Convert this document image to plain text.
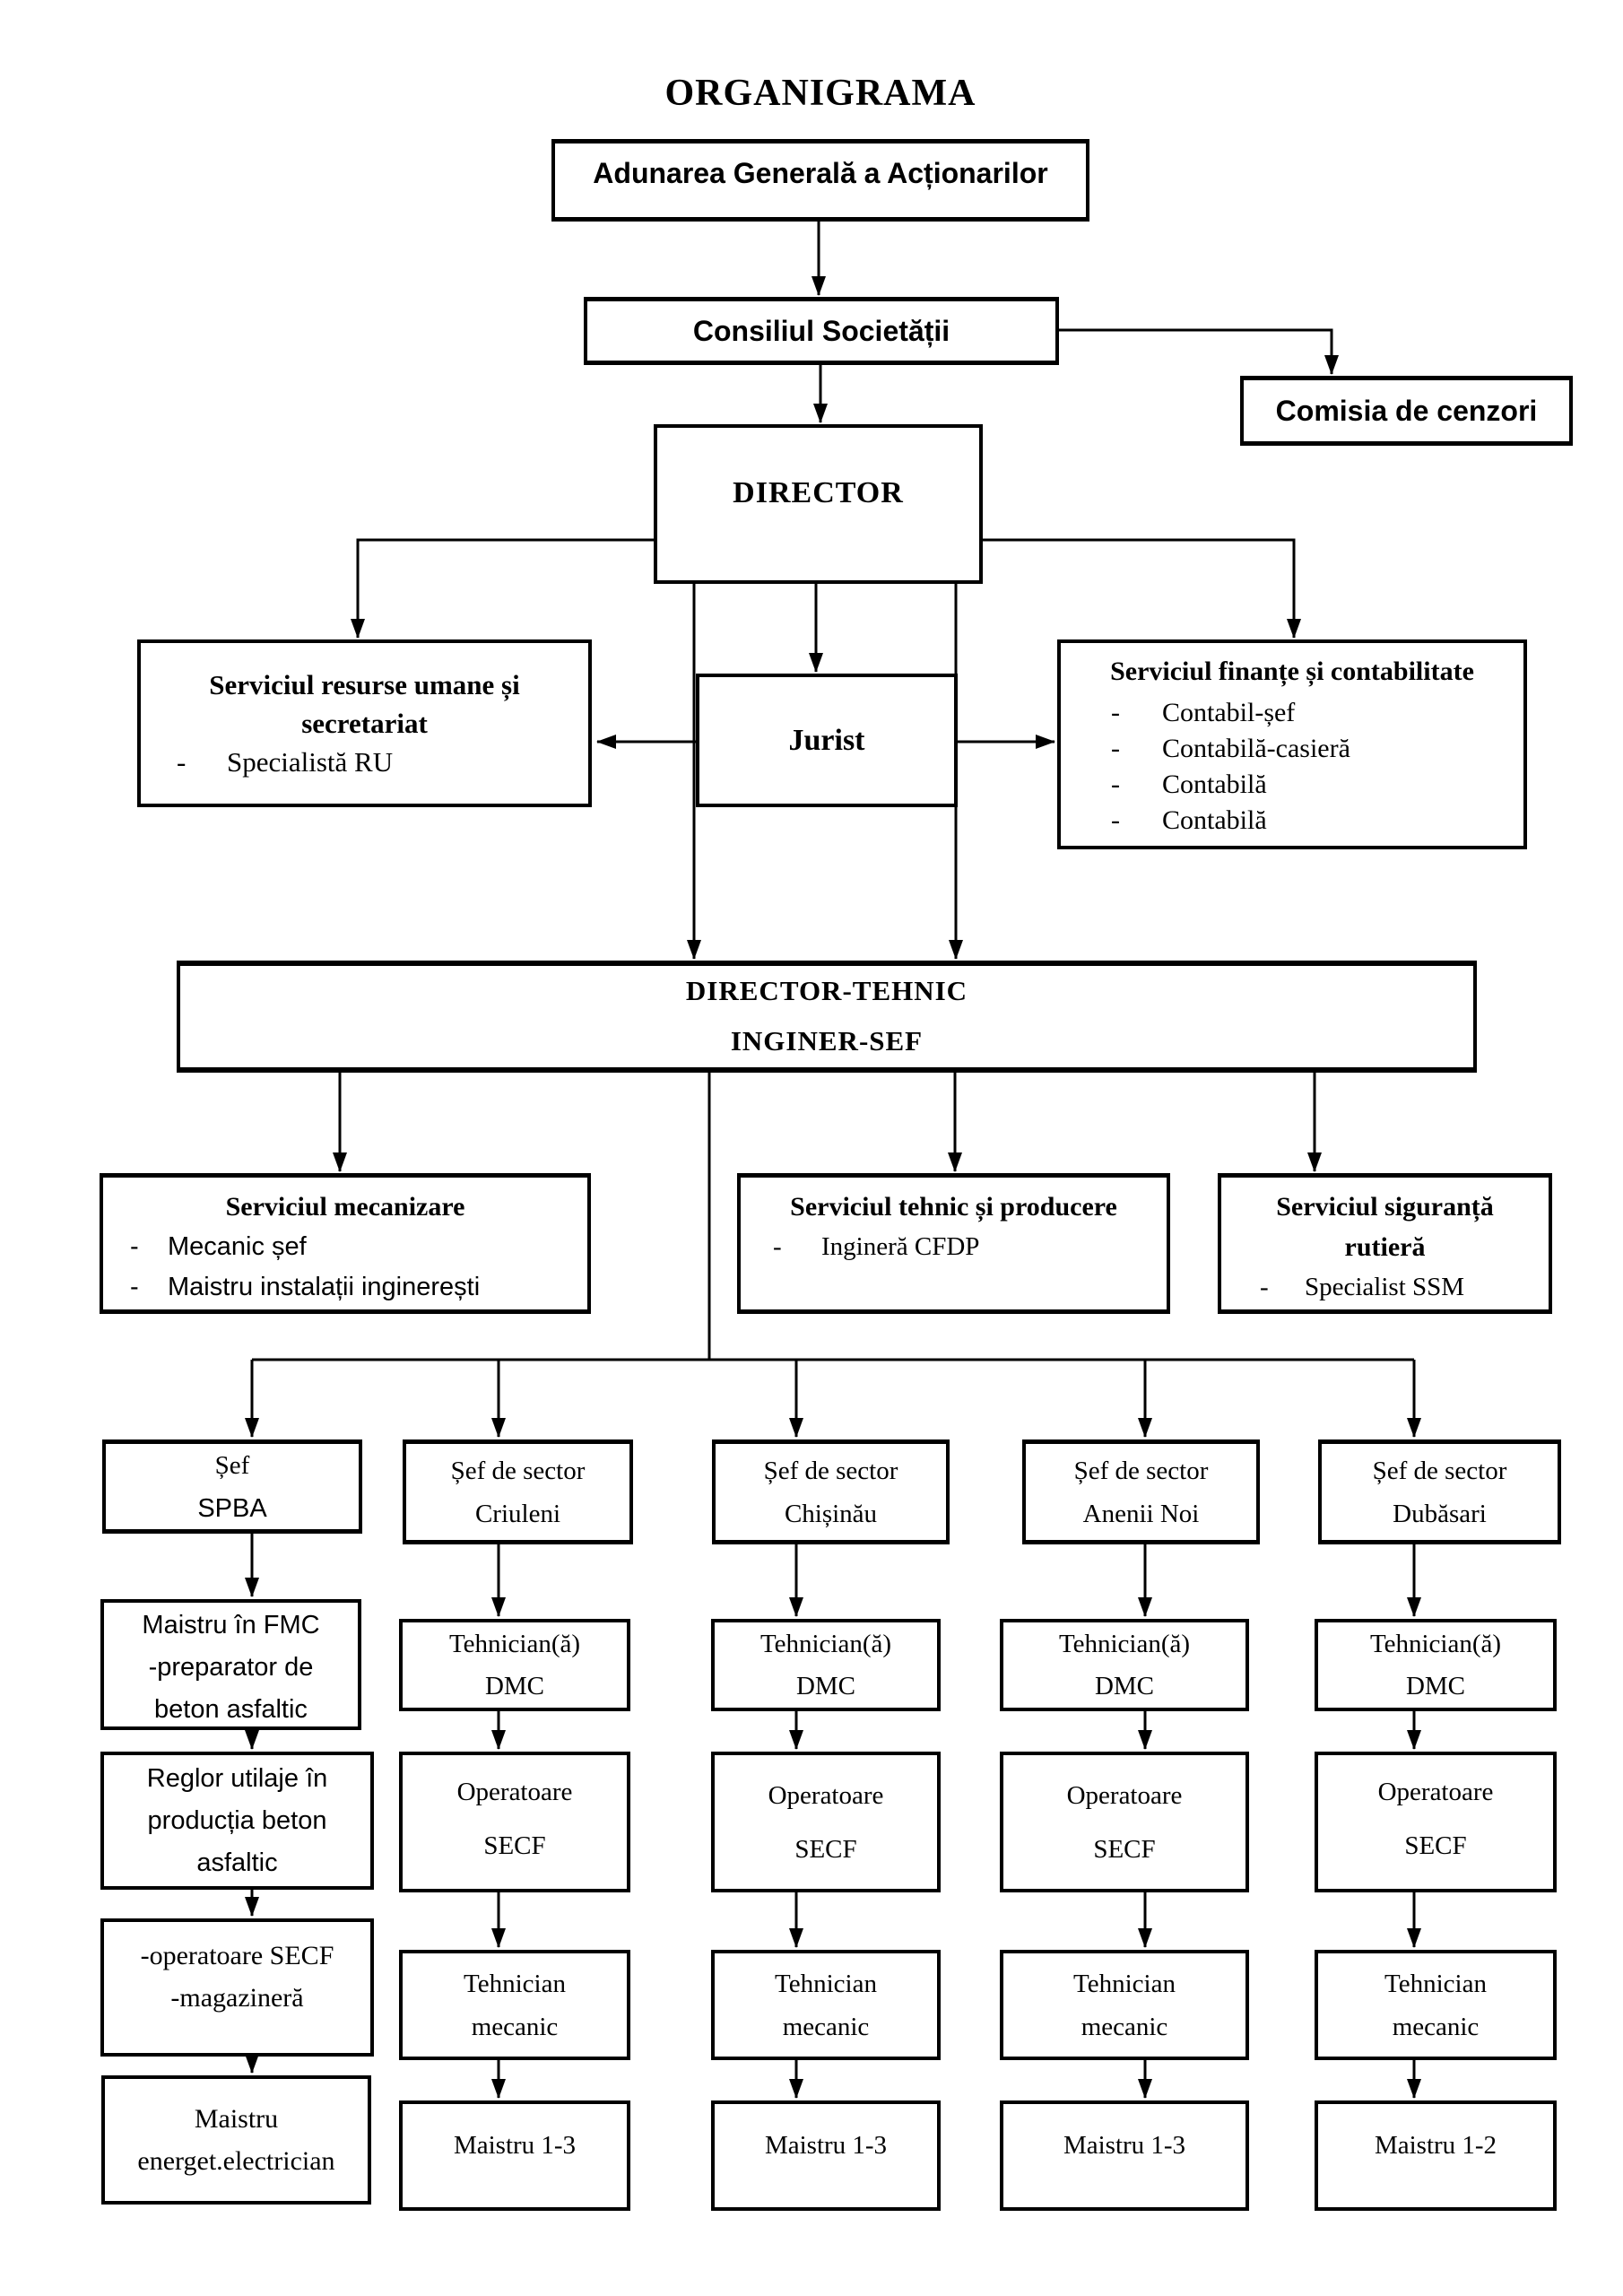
ORGANIGRAMA
Adunarea Generală a Acționarilor
Consiliul Societății
Comisia de cenzori
DIRECTOR
Serviciul resurse umane și
secretariat
-	Specialistă RU
Jurist
Serviciul finanțe și contabilitate
-	Contabil-șef
-	Contabilă-casieră
-	Contabilă
-	Contabilă
DIRECTOR-TEHNIC
INGINER-SEF
Serviciul mecanizare
-	Mecanic șef
-	Maistru instalații inginerești
Serviciul tehnic și producere
-	Ingineră CFDP
Serviciul siguranță
rutieră
-	Specialist SSM
Șef
SPBA
Șef de sector
Criuleni
Șef de sector
Chișinău
Șef de sector
Anenii Noi
Șef de sector
Dubăsari
Maistru în FMC
-preparator de
beton asfaltic
Reglor utilaje în
producția beton
asfaltic
-operatoare SECF
-magazineră
Maistru
energet.electrician
Tehnician(ă)
DMC
Operatoare
SECF
Tehnician
mecanic
Maistru 1-3
Tehnician(ă)
DMC
Operatoare
SECF
Tehnician
mecanic
Maistru 1-3
Tehnician(ă)
DMC
Operatoare
SECF
Tehnician
mecanic
Maistru 1-3
Tehnician(ă)
DMC
Operatoare
SECF
Tehnician
mecanic
Maistru 1-2
